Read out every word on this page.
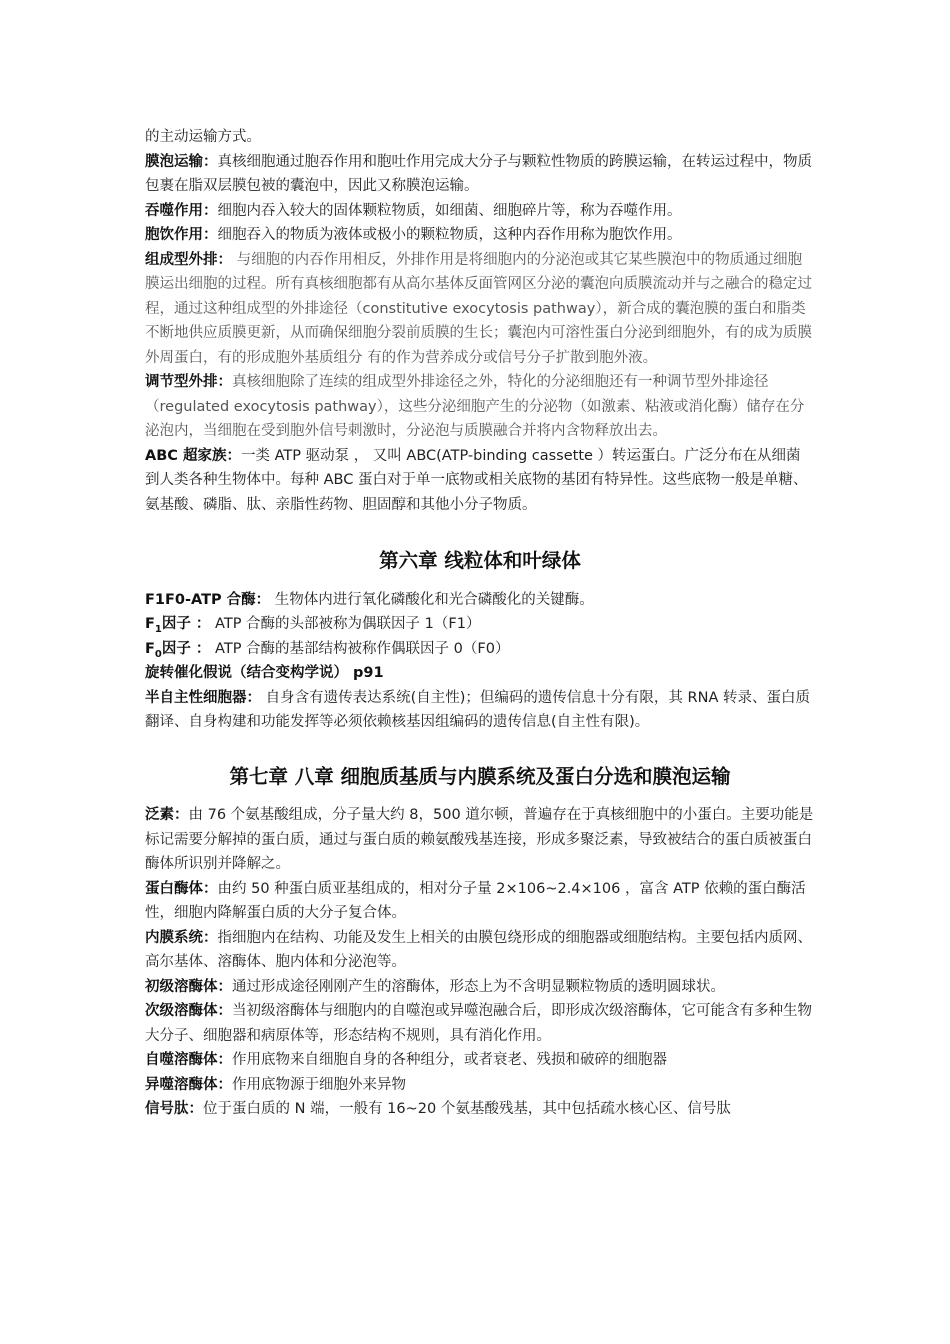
的主动运输方式。

膜泡运输：真核细胞通过胞吞作用和胞吐作用完成大分子与颗粒性物质的跨膜运输，在转运过程中，物质包裹在脂双层膜包被的囊泡中，因此又称膜泡运输。

吞噬作用：细胞内吞入较大的固体颗粒物质，如细菌、细胞碎片等，称为吞噬作用。

胞饮作用：细胞吞入的物质为液体或极小的颗粒物质，这种内吞作用称为胞饮作用。

组成型外排： 与细胞的内吞作用相反，外排作用是将细胞内的分泌泡或其它某些膜泡中的物质通过细胞膜运出细胞的过程。所有真核细胞都有从高尔基体反面管网区分泌的囊泡向质膜流动并与之融合的稳定过程，通过这种组成型的外排途径（constitutive exocytosis pathway），新合成的囊泡膜的蛋白和脂类不断地供应质膜更新，从而确保细胞分裂前质膜的生长；囊泡内可溶性蛋白分泌到细胞外，有的成为质膜外周蛋白，有的形成胞外基质组分 有的作为营养成分或信号分子扩散到胞外液。

调节型外排：真核细胞除了连续的组成型外排途径之外，特化的分泌细胞还有一种调节型外排途径（regulated exocytosis pathway），这些分泌细胞产生的分泌物（如激素、粘液或消化酶）储存在分泌泡内，当细胞在受到胞外信号刺激时，分泌泡与质膜融合并将内含物释放出去。

ABC 超家族：一类 ATP 驱动泵 ， 又叫 ABC(ATP-binding cassette ）转运蛋白。广泛分布在从细菌到人类各种生物体中。每种 ABC 蛋白对于单一底物或相关底物的基团有特异性。这些底物一般是单糖、氨基酸、磷脂、肽、亲脂性药物、胆固醇和其他小分子物质。

第六章 线粒体和叶绿体

F1F0-ATP 合酶： 生物体内进行氧化磷酸化和光合磷酸化的关键酶。

$F_1$因子 ： ATP 合酶的头部被称为偶联因子 1（F1）

$F_0$因子 ： ATP 合酶的基部结构被称作偶联因子 0（F0）

旋转催化假说（结合变构学说） p91

半自主性细胞器： 自身含有遗传表达系统(自主性)；但编码的遗传信息十分有限，其 RNA 转录、蛋白质翻译、自身构建和功能发挥等必须依赖核基因组编码的遗传信息(自主性有限)。

第七章 八章 细胞质基质与内膜系统及蛋白分选和膜泡运输

泛素：由 76 个氨基酸组成，分子量大约 8，500 道尔顿，普遍存在于真核细胞中的小蛋白。主要功能是标记需要分解掉的蛋白质，通过与蛋白质的赖氨酸残基连接，形成多聚泛素，导致被结合的蛋白质被蛋白酶体所识别并降解之。

蛋白酶体：由约 50 种蛋白质亚基组成的，相对分子量 2×106~2.4×106 ，富含 ATP 依赖的蛋白酶活性，细胞内降解蛋白质的大分子复合体。

内膜系统：指细胞内在结构、功能及发生上相关的由膜包绕形成的细胞器或细胞结构。主要包括内质网、高尔基体、溶酶体、胞内体和分泌泡等。

初级溶酶体：通过形成途径刚刚产生的溶酶体，形态上为不含明显颗粒物质的透明圆球状。

次级溶酶体：当初级溶酶体与细胞内的自噬泡或异噬泡融合后，即形成次级溶酶体，它可能含有多种生物大分子、细胞器和病原体等，形态结构不规则，具有消化作用。

自噬溶酶体：作用底物来自细胞自身的各种组分，或者衰老、残损和破碎的细胞器

异噬溶酶体：作用底物源于细胞外来异物

信号肽：位于蛋白质的 N 端，一般有 16~20 个氨基酸残基，其中包括疏水核心区、信号肽
